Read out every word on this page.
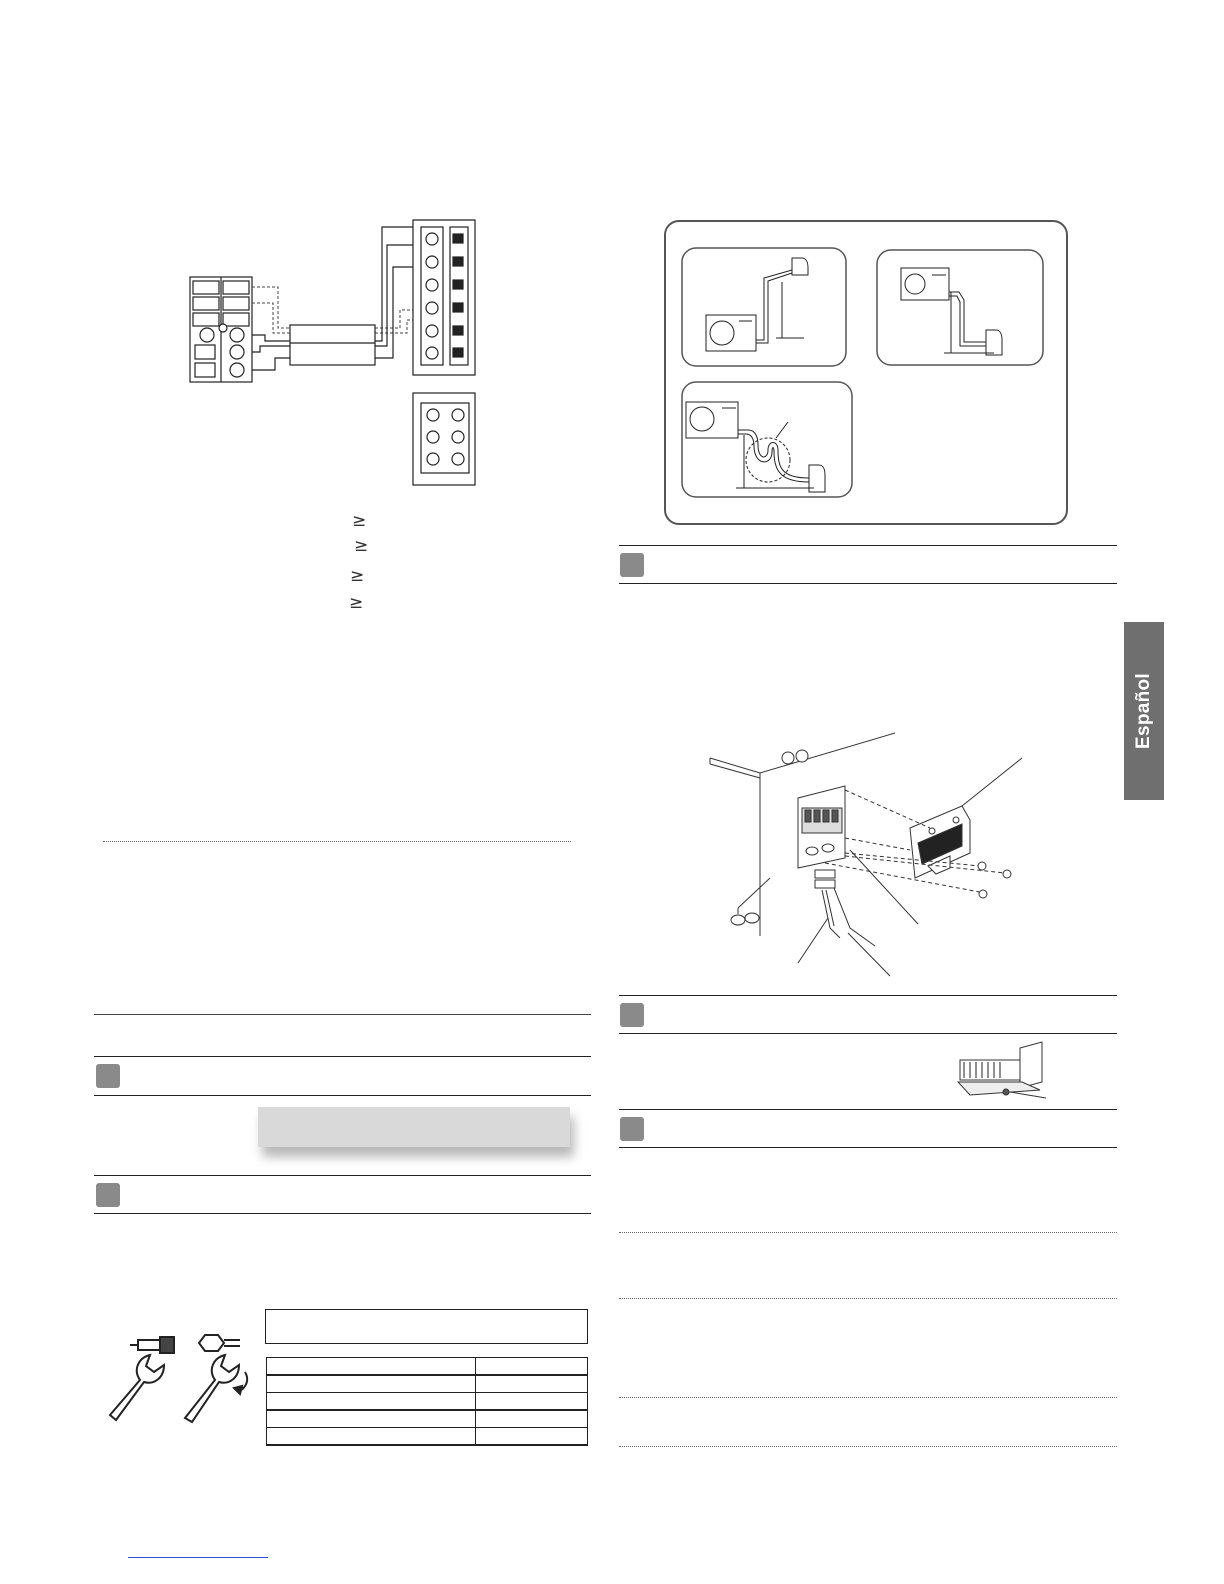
≥
≥
≥
≥

Español
